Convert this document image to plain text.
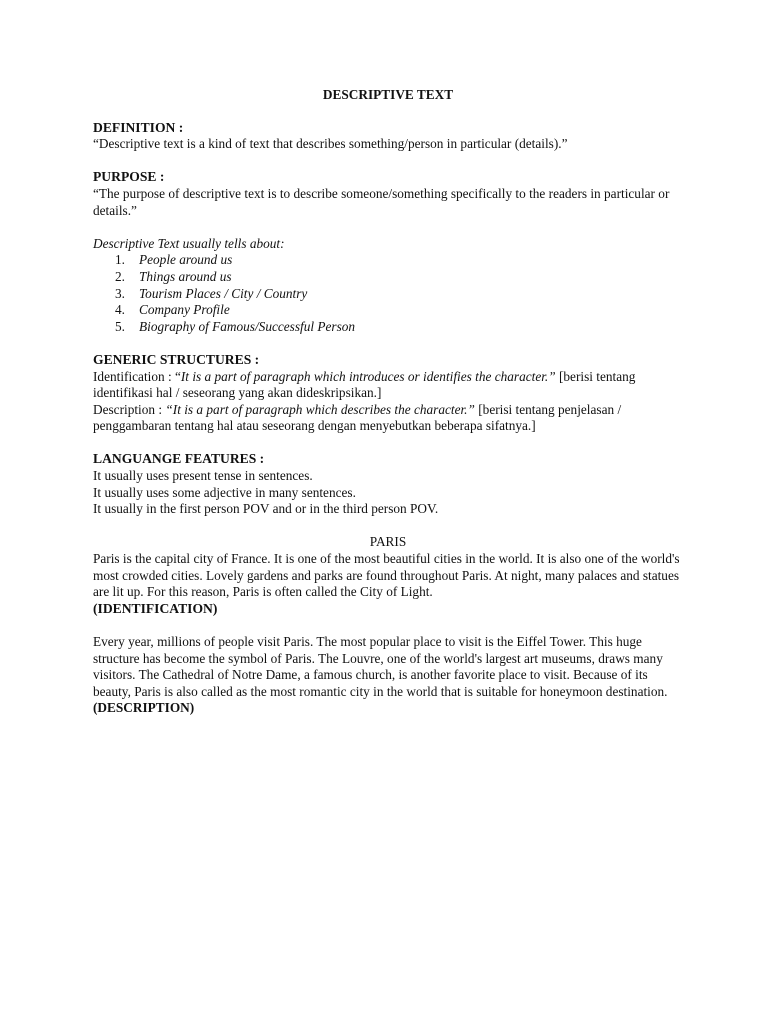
DESCRIPTIVE TEXT

DEFINITION :

“Descriptive text is a kind of text that describes something/person in particular (details).”

PURPOSE :

“The purpose of descriptive text is to describe someone/something specifically to the readers in particular or details.”

Descriptive Text usually tells about:

1. People around us
2. Things around us
3. Tourism Places / City / Country
4. Company Profile
5. Biography of Famous/Successful Person

GENERIC STRUCTURES :

Identification : “It is a part of paragraph which introduces or identifies the character.” [berisi tentang identifikasi hal / seseorang yang akan dideskripsikan.]

Description : “It is a part of paragraph which describes the character.” [berisi tentang penjelasan / penggambaran tentang hal atau seseorang dengan menyebutkan beberapa sifatnya.]

LANGUANGE FEATURES :

It usually uses present tense in sentences.

It usually uses some adjective in many sentences.

It usually in the first person POV and or in the third person POV.

PARIS

Paris is the capital city of France. It is one of the most beautiful cities in the world. It is also one of the world's most crowded cities. Lovely gardens and parks are found throughout Paris. At night, many palaces and statues are lit up. For this reason, Paris is often called the City of Light.

(IDENTIFICATION)

Every year, millions of people visit Paris. The most popular place to visit is the Eiffel Tower. This huge structure has become the symbol of Paris. The Louvre, one of the world's largest art museums, draws many visitors. The Cathedral of Notre Dame, a famous church, is another favorite place to visit. Because of its beauty, Paris is also called as the most romantic city in the world that is suitable for honeymoon destination. (DESCRIPTION)
